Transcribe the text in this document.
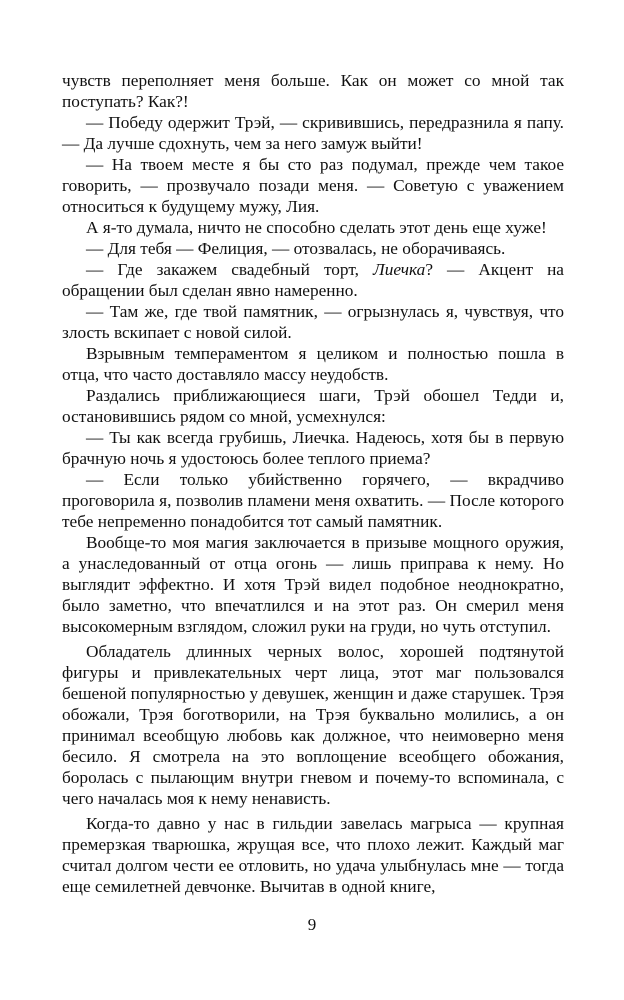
чувств переполняет меня больше. Как он может со мной так поступать? Как?!

— Победу одержит Трэй, — скривившись, передразнила я папу. — Да лучше сдохнуть, чем за него замуж выйти!

— На твоем месте я бы сто раз подумал, прежде чем такое говорить, — прозвучало позади меня. — Советую с уважением относиться к будущему мужу, Лия.

А я-то думала, ничто не способно сделать этот день еще хуже!

— Для тебя — Фелиция, — отозвалась, не оборачиваясь.

— Где закажем свадебный торт, Лиечка? — Акцент на обращении был сделан явно намеренно.

— Там же, где твой памятник, — огрызнулась я, чувствуя, что злость вскипает с новой силой.

Взрывным темпераментом я целиком и полностью пошла в отца, что часто доставляло массу неудобств.

Раздались приближающиеся шаги, Трэй обошел Тедди и, остановившись рядом со мной, усмехнулся:

— Ты как всегда грубишь, Лиечка. Надеюсь, хотя бы в первую брачную ночь я удостоюсь более теплого приема?

— Если только убийственно горячего, — вкрадчиво проговорила я, позволив пламени меня охватить. — После которого тебе непременно понадобится тот самый памятник.

Вообще-то моя магия заключается в призыве мощного оружия, а унаследованный от отца огонь — лишь приправа к нему. Но выглядит эффектно. И хотя Трэй видел подобное неоднократно, было заметно, что впечатлился и на этот раз. Он смерил меня высокомерным взглядом, сложил руки на груди, но чуть отступил.

Обладатель длинных черных волос, хорошей подтянутой фигуры и привлекательных черт лица, этот маг пользовался бешеной популярностью у девушек, женщин и даже старушек. Трэя обожали, Трэя боготворили, на Трэя буквально молились, а он принимал всеобщую любовь как должное, что неимоверно меня бесило. Я смотрела на это воплощение всеобщего обожания, боролась с пылающим внутри гневом и почему-то вспоминала, с чего началась моя к нему ненависть.

Когда-то давно у нас в гильдии завелась магрыса — крупная премерзкая тварюшка, жрущая все, что плохо лежит. Каждый маг считал долгом чести ее отловить, но удача улыбнулась мне — тогда еще семилетней девчонке. Вычитав в одной книге,

9
